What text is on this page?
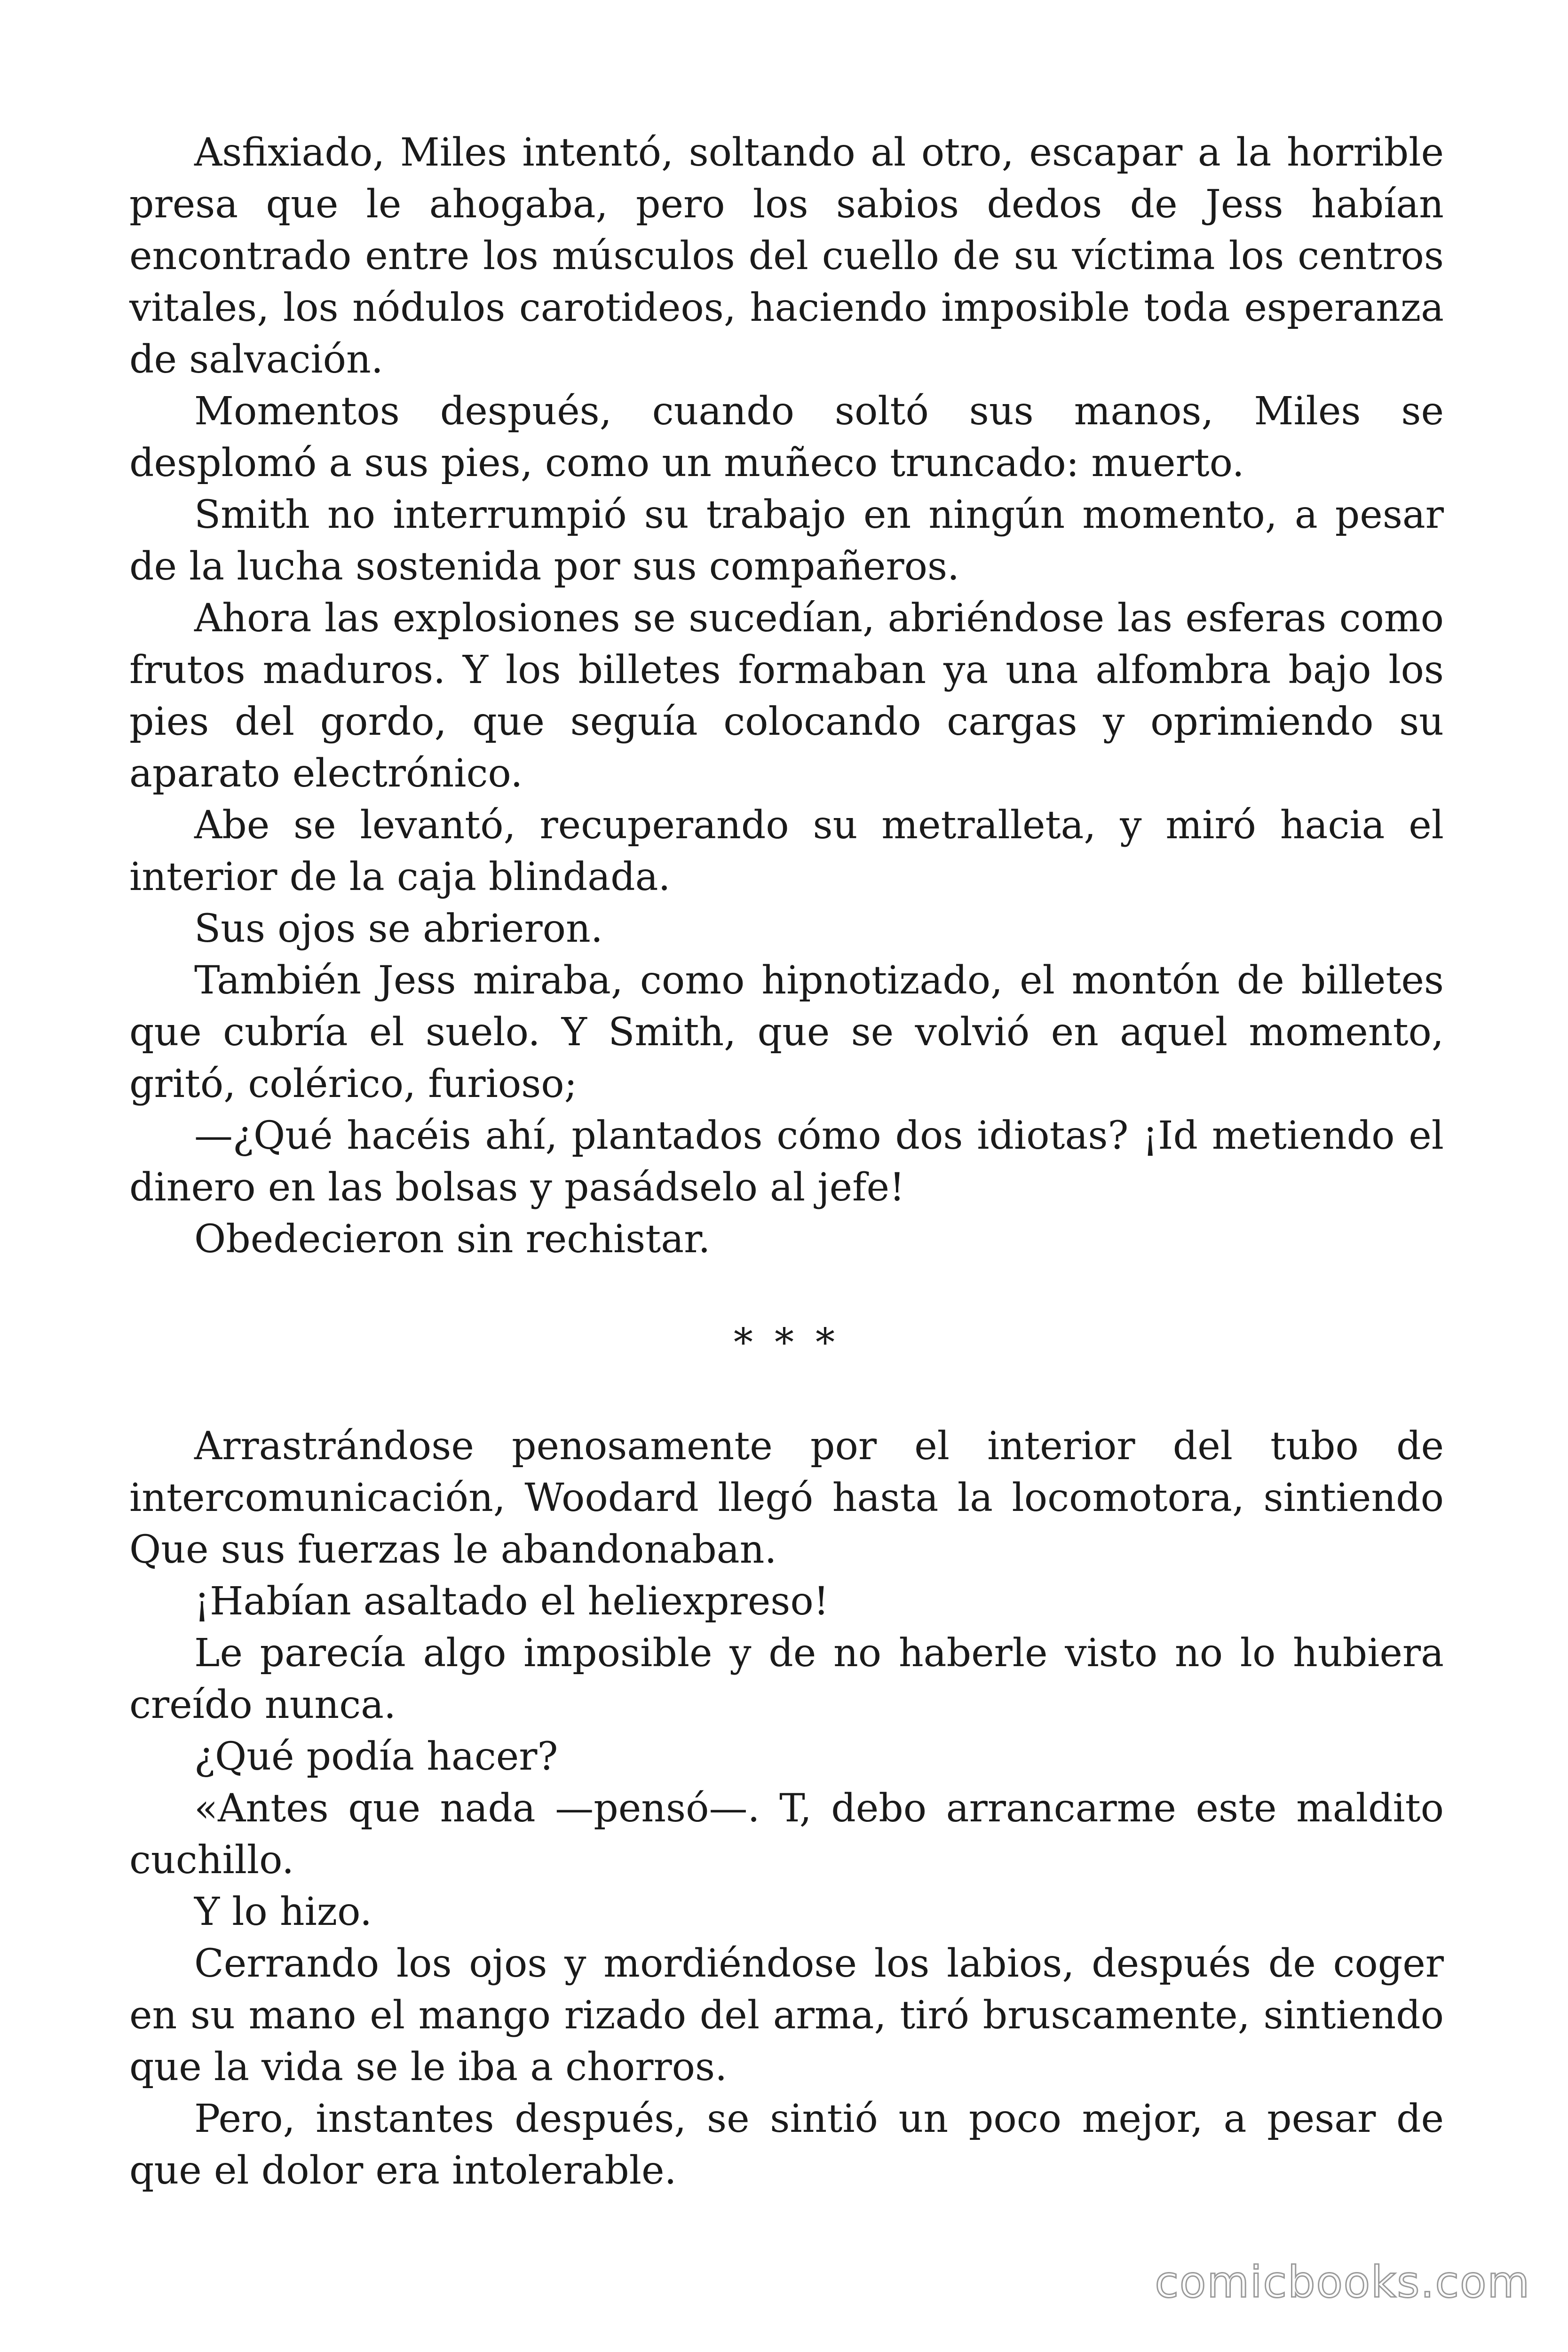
Asfixiado, Miles intentó, soltando al otro, escapar a la horrible presa que le ahogaba, pero los sabios dedos de Jess habían encontrado entre los músculos del cuello de su víctima los centros vitales, los nódulos carotideos, haciendo imposible toda esperanza de salvación.

Momentos después, cuando soltó sus manos, Miles se desplomó a sus pies, como un muñeco truncado: muerto.

Smith no interrumpió su trabajo en ningún momento, a pesar de la lucha sostenida por sus compañeros.

Ahora las explosiones se sucedían, abriéndose las esferas como frutos maduros. Y los billetes formaban ya una alfombra bajo los pies del gordo, que seguía colocando cargas y oprimiendo su aparato electrónico.

Abe se levantó, recuperando su metralleta, y miró hacia el interior de la caja blindada.

Sus ojos se abrieron.

También Jess miraba, como hipnotizado, el montón de billetes que cubría el suelo. Y Smith, que se volvió en aquel momento, gritó, colérico, furioso;

—¿Qué hacéis ahí, plantados cómo dos idiotas? ¡Id metiendo el dinero en las bolsas y pasádselo al jefe!

Obedecieron sin rechistar.

* * *

Arrastrándose penosamente por el interior del tubo de intercomunicación, Woodard llegó hasta la locomotora, sintiendo Que sus fuerzas le abandonaban.

¡Habían asaltado el heliexpreso!

Le parecía algo imposible y de no haberle visto no lo hubiera creído nunca.

¿Qué podía hacer?

«Antes que nada —pensó—. T, debo arrancarme este maldito cuchillo.

Y lo hizo.

Cerrando los ojos y mordiéndose los labios, después de coger en su mano el mango rizado del arma, tiró bruscamente, sintiendo que la vida se le iba a chorros.

Pero, instantes después, se sintió un poco mejor, a pesar de que el dolor era intolerable.

comicbooks.com
